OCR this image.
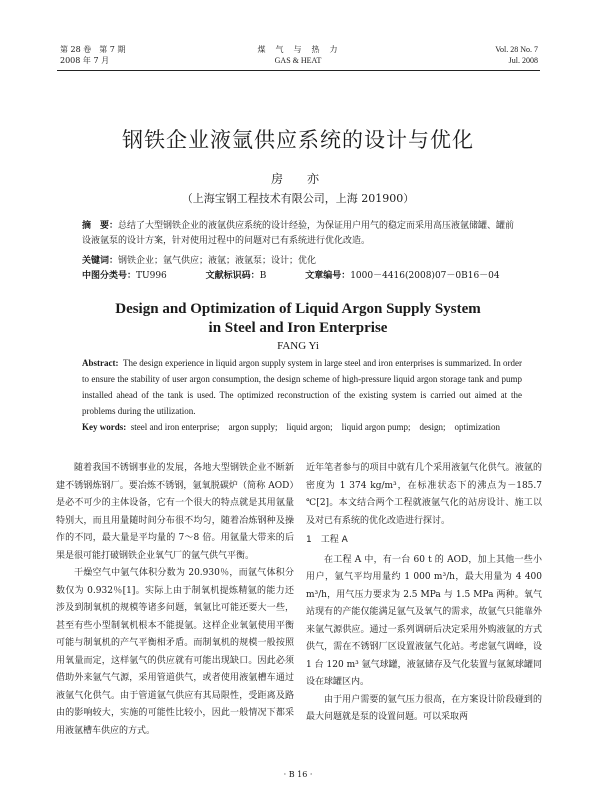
第 28 卷　第 7 期
2008 年 7 月
煤　气　与　热　力
GAS & HEAT
Vol. 28 No. 7
Jul. 2008
钢铁企业液氩供应系统的设计与优化
房　亦
（上海宝钢工程技术有限公司，上海 201900）
摘　要：总结了大型钢铁企业的液氩供应系统的设计经验，为保证用户用气的稳定而采用高压液氩储罐、罐前设液氩泵的设计方案，针对使用过程中的问题对已有系统进行优化改造。
关键词：钢铁企业；氩气供应；液氩；液氩泵；设计；优化
中图分类号：TU996	文献标识码：B	文章编号：1000－4416(2008)07－0B16－04
Design and Optimization of Liquid Argon Supply System
in Steel and Iron Enterprise
FANG Yi
Abstract: The design experience in liquid argon supply system in large steel and iron enterprises is summarized. In order to ensure the stability of user argon consumption, the design scheme of high-pressure liquid argon storage tank and pump installed ahead of the tank is used. The optimized reconstruction of the existing system is carried out aimed at the problems during the utilization.
Key words: steel and iron enterprise;　argon supply;　liquid argon;　liquid argon pump;　design;　optimization

随着我国不锈钢事业的发展，各地大型钢铁企业不断新建不锈钢炼钢厂。要冶炼不锈钢，氩氧脱碳炉（简称 AOD）是必不可少的主体设备，它有一个很大的特点就是其用氩量特别大，而且用量随时间分布很不均匀，随着冶炼钢种及操作的不同，最大量是平均量的 7～8 倍。用氩量大带来的后果是很可能打破钢铁企业氧气厂的氩气供气平衡。

干燥空气中氩气体积分数为 20.930％，而氩气体积分数仅为 0.932％[1]。实际上由于制氧机提炼精氩的能力还涉及到制氧机的规模等诸多问题，氧氩比可能还要大一些，甚至有些小型制氧机根本不能提氩。这样企业氧氩使用平衡可能与制氧机的产气平衡相矛盾。而制氧机的规模一般按照用氧量而定，这样氩气的供应就有可能出现缺口。因此必须借助外来氩气气源，采用管道供气，或者使用液氩槽车通过液氩气化供气。由于管道氩气供应有其局限性，受距离及路由的影响较大，实施的可能性比较小，因此一般情况下都采用液氩槽车供应的方式。

近年笔者参与的项目中就有几个采用液氩气化供气。液氩的密度为 1 374 kg/m³，在标准状态下的沸点为－185.7 ℃[2]。本文结合两个工程就液氩气化的站房设计、施工以及对已有系统的优化改造进行探讨。

1　工程 A

在工程 A 中，有一台 60 t 的 AOD，加上其他一些小用户，氩气平均用量约 1 000 m³/h，最大用量为 4 400 m³/h，用气压力要求为 2.5 MPa 与 1.5 MPa 两种。氧气站现有的产能仅能满足氩气及氧气的需求，故氩气只能靠外来氩气源供应。通过一系列调研后决定采用外购液氩的方式供气，需在不锈钢厂区设置液氩气化站。考虑氩气调峰，设 1 台 120 m³ 氩气球罐，液氩储存及气化装置与氩氮球罐同设在球罐区内。

由于用户需要的氩气压力很高，在方案设计阶段碰到的最大问题就是泵的设置问题。可以采取两

· B 16 ·
